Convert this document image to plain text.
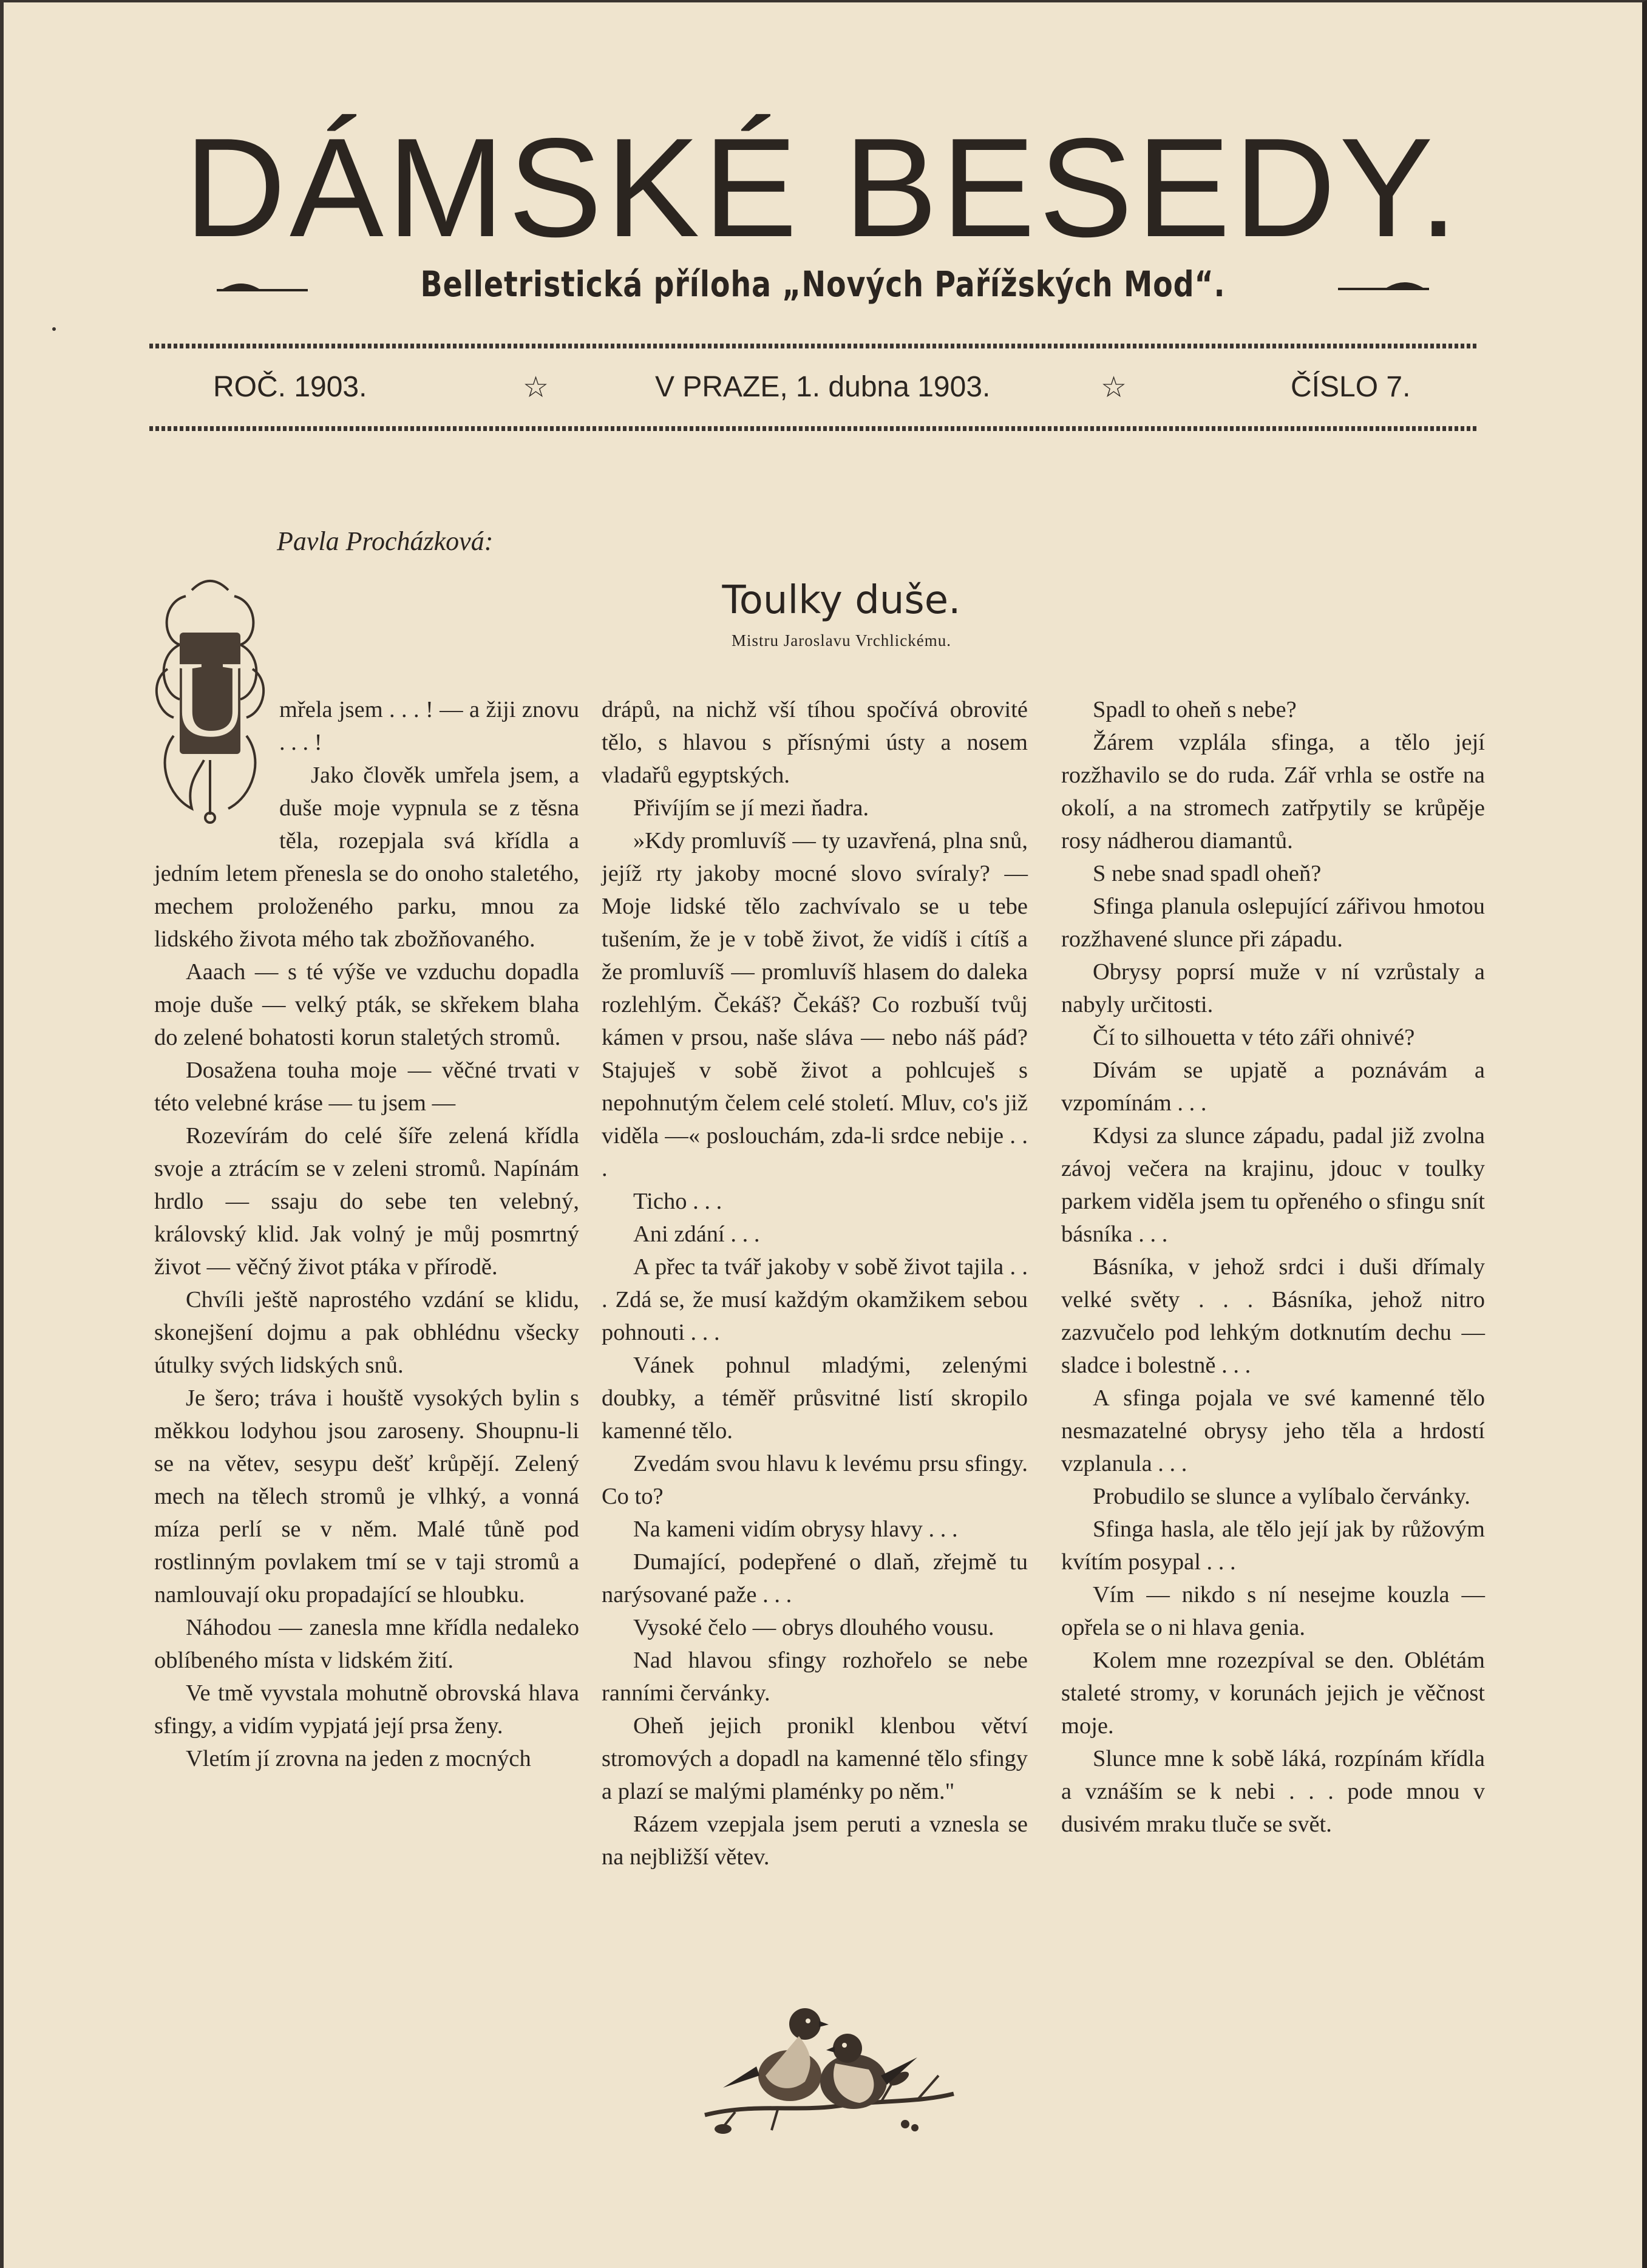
DÁMSKÉ BESEDY.
Belletristická příloha „Nových Pařížských Mod“.
ROČ. 1903.	☆	V PRAZE, 1. dubna 1903.	☆	ČÍSLO 7.
Pavla Procházková:
Toulky duše.
Mistru Jaroslavu Vrchlickému.
U	mřela jsem . . . ! — a žiji znovu . . . !

Jako člověk umřela jsem, a duše moje vypnula se z těsna těla, rozepjala svá křídla a jedním letem přenesla se do onoho staletého, mechem proloženého parku, mnou za lidského života mého tak zbožňovaného.

Aaach — s té výše ve vzduchu dopadla moje duše — velký pták, se skřekem blaha do zelené bohatosti korun staletých stromů.

Dosažena touha moje — věčné trvati v této velebné kráse — tu jsem —

Rozevírám do celé šíře zelená křídla svoje a ztrácím se v zeleni stromů. Napínám hrdlo — ssaju do sebe ten velebný, královský klid. Jak volný je můj posmrtný život — věčný život ptáka v přírodě.

Chvíli ještě naprostého vzdání se klidu, skonejšení dojmu a pak obhlédnu všecky útulky svých lidských snů.

Je šero; tráva i houště vysokých bylin s měkkou lodyhou jsou zaroseny. Shoupnu-li se na větev, sesypu dešť krůpějí. Zelený mech na tělech stromů je vlhký, a vonná míza perlí se v něm. Malé tůně pod rostlinným povlakem tmí se v taji stromů a namlouvají oku propadající se hloubku.

Náhodou — zanesla mne křídla nedaleko oblíbeného místa v lidském žití.

Ve tmě vyvstala mohutně obrovská hlava sfingy, a vidím vypjatá její prsa ženy.

Vletím jí zrovna na jeden z mocných

drápů, na nichž vší tíhou spočívá obrovité tělo, s hlavou s přísnými ústy a nosem vladařů egyptských.

Přivíjím se jí mezi ňadra.

»Kdy promluvíš — ty uzavřená, plna snů, jejíž rty jakoby mocné slovo svíraly? — Moje lidské tělo zachvívalo se u tebe tušením, že je v tobě život, že vidíš i cítíš a že promluvíš — promluvíš hlasem do daleka rozlehlým. Čekáš? Čekáš? Co rozbuší tvůj kámen v prsou, naše sláva — nebo náš pád? Stajuješ v sobě život a pohlcuješ s nepohnutým čelem celé století. Mluv, co's již viděla —« poslouchám, zda-li srdce nebije . . .

Ticho . . .

Ani zdání . . .

A přec ta tvář jakoby v sobě život tajila . . . Zdá se, že musí každým okamžikem sebou pohnouti . . .

Vánek pohnul mladými, zelenými doubky, a téměř průsvitné listí skropilo kamenné tělo.

Zvedám svou hlavu k levému prsu sfingy. Co to?

Na kameni vidím obrysy hlavy . . .

Dumající, podepřené o dlaň, zřejmě tu narýsované paže . . .

Vysoké čelo — obrys dlouhého vousu.

Nad hlavou sfingy rozhořelo se nebe ranními červánky.

Oheň jejich pronikl klenbou větví stromových a dopadl na kamenné tělo sfingy a plazí se malými plaménky po něm."

Rázem vzepjala jsem peruti a vznesla se na nejbližší větev.

Spadl to oheň s nebe?

Žárem vzplála sfinga, a tělo její rozžhavilo se do ruda. Zář vrhla se ostře na okolí, a na stromech zatřpytily se krůpěje rosy nádherou diamantů.

S nebe snad spadl oheň?

Sfinga planula oslepující zářivou hmotou rozžhavené slunce při západu.

Obrysy poprsí muže v ní vzrůstaly a nabyly určitosti.

Čí to silhouetta v této záři ohnivé?

Dívám se upjatě a poznávám a vzpomínám . . .

Kdysi za slunce západu, padal již zvolna závoj večera na krajinu, jdouc v toulky parkem viděla jsem tu opřeného o sfingu snít básníka . . .

Básníka, v jehož srdci i duši dřímaly velké světy . . . Básníka, jehož nitro zazvučelo pod lehkým dotknutím dechu — sladce i bolestně . . .

A sfinga pojala ve své kamenné tělo nesmazatelné obrysy jeho těla a hrdostí vzplanula . . .

Probudilo se slunce a vylíbalo červánky.

Sfinga hasla, ale tělo její jak by růžovým kvítím posypal . . .

Vím — nikdo s ní nesejme kouzla — opřela se o ni hlava genia.

Kolem mne rozezpíval se den. Oblétám staleté stromy, v korunách jejich je věčnost moje.

Slunce mne k sobě láká, rozpínám křídla a vznáším se k nebi . . . pode mnou v dusivém mraku tluče se svět.
